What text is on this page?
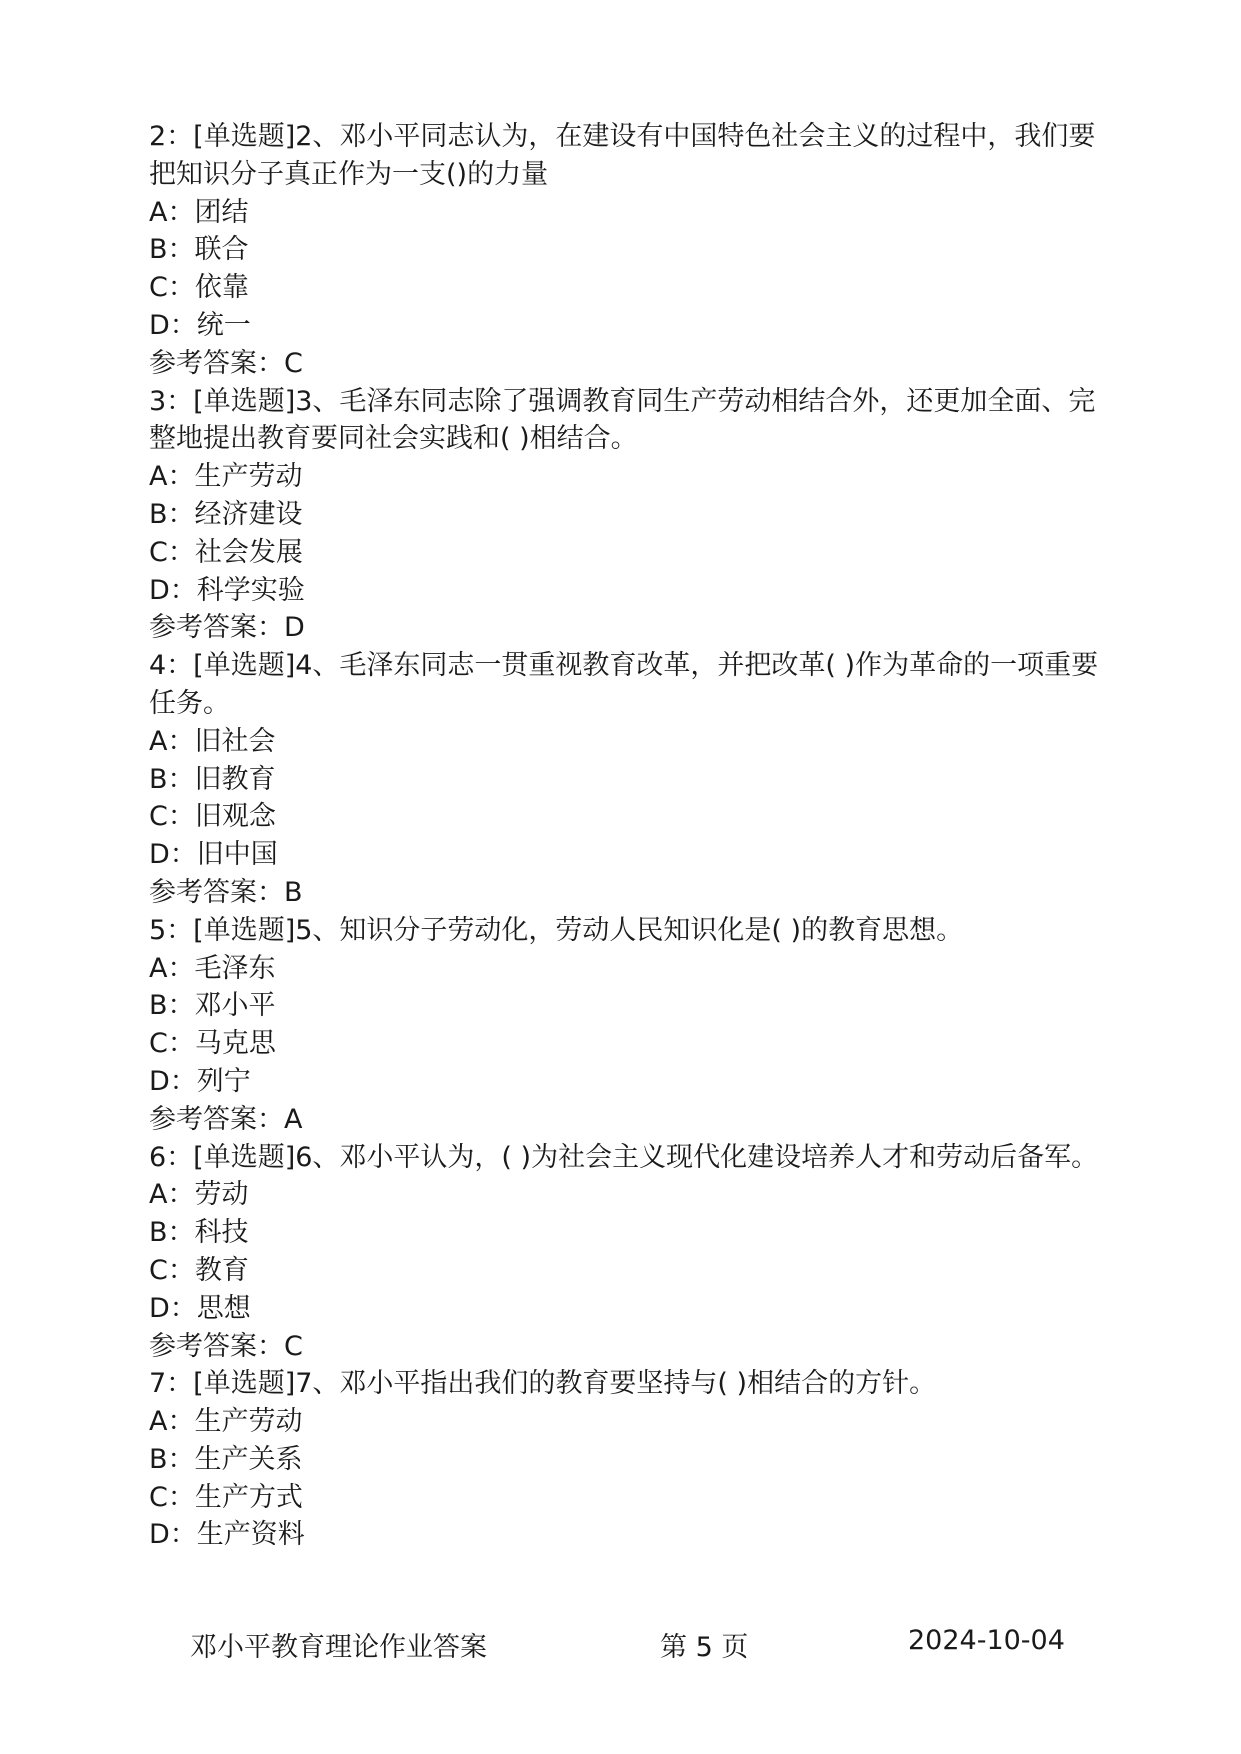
2：[单选题]2、邓小平同志认为，在建设有中国特色社会主义的过程中，我们要把知识分子真正作为一支()的力量

A：团结

B：联合

C：依靠

D：统一

参考答案：C

3：[单选题]3、毛泽东同志除了强调教育同生产劳动相结合外，还更加全面、完整地提出教育要同社会实践和( )相结合。

A：生产劳动

B：经济建设

C：社会发展

D：科学实验

参考答案：D

4：[单选题]4、毛泽东同志一贯重视教育改革，并把改革( )作为革命的一项重要任务。

A：旧社会

B：旧教育

C：旧观念

D：旧中国

参考答案：B

5：[单选题]5、知识分子劳动化，劳动人民知识化是( )的教育思想。

A：毛泽东

B：邓小平

C：马克思

D：列宁

参考答案：A

6：[单选题]6、邓小平认为，( )为社会主义现代化建设培养人才和劳动后备军。

A：劳动

B：科技

C：教育

D：思想

参考答案：C

7：[单选题]7、邓小平指出我们的教育要坚持与( )相结合的方针。

A：生产劳动

B：生产关系

C：生产方式

D：生产资料

邓小平教育理论作业答案	第 5 页	2024-10-04
